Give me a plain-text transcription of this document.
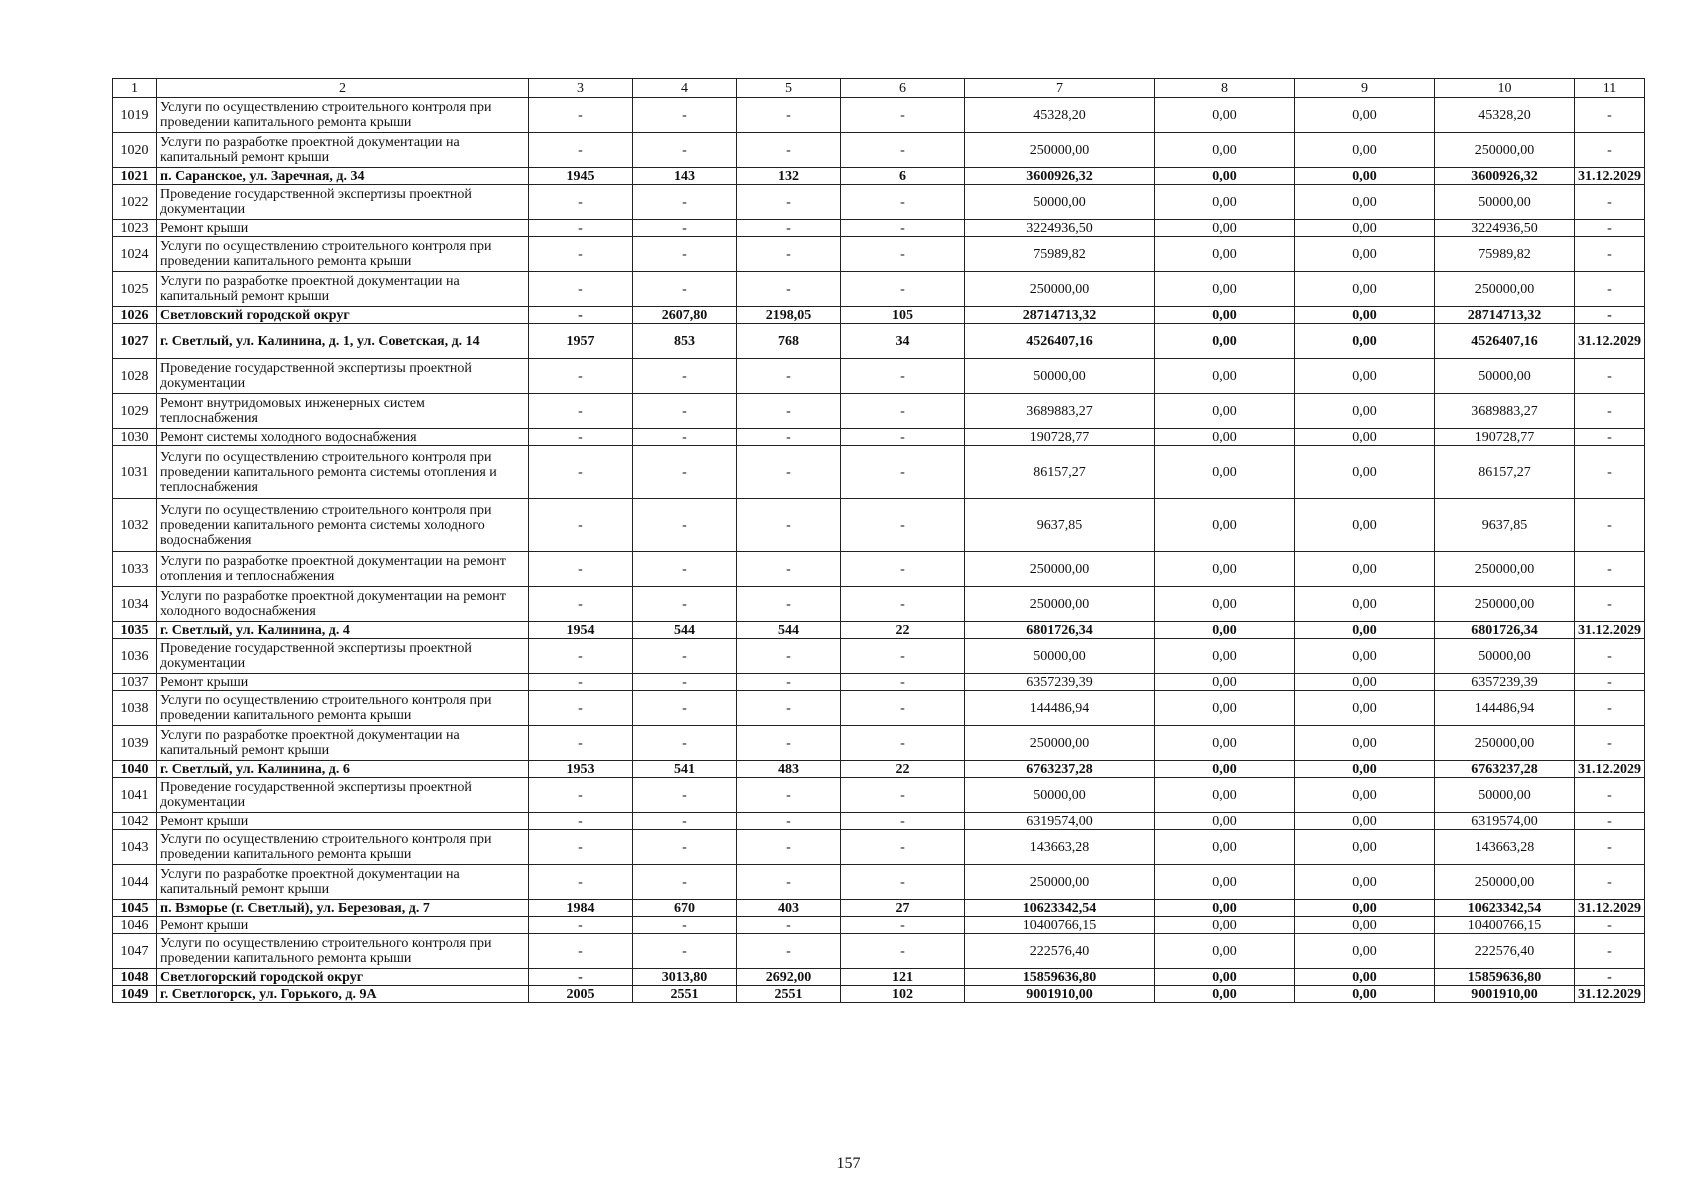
1	2	3	4	5	6	7	8	9	10	11
1019	Услуги по осуществлению строительного контроля при проведении капитального ремонта крыши	-	-	-	-	45328,20	0,00	0,00	45328,20	-
1020	Услуги по разработке проектной документации на капитальный ремонт крыши	-	-	-	-	250000,00	0,00	0,00	250000,00	-
1021	п. Саранское, ул. Заречная, д. 34	1945	143	132	6	3600926,32	0,00	0,00	3600926,32	31.12.2029
1022	Проведение государственной экспертизы проектной документации	-	-	-	-	50000,00	0,00	0,00	50000,00	-
1023	Ремонт крыши	-	-	-	-	3224936,50	0,00	0,00	3224936,50	-
1024	Услуги по осуществлению строительного контроля при проведении капитального ремонта крыши	-	-	-	-	75989,82	0,00	0,00	75989,82	-
1025	Услуги по разработке проектной документации на капитальный ремонт крыши	-	-	-	-	250000,00	0,00	0,00	250000,00	-
1026	Светловский городской округ	-	2607,80	2198,05	105	28714713,32	0,00	0,00	28714713,32	-
1027	г. Светлый, ул. Калинина, д. 1, ул. Советская, д. 14	1957	853	768	34	4526407,16	0,00	0,00	4526407,16	31.12.2029
1028	Проведение государственной экспертизы проектной документации	-	-	-	-	50000,00	0,00	0,00	50000,00	-
1029	Ремонт внутридомовых инженерных систем теплоснабжения	-	-	-	-	3689883,27	0,00	0,00	3689883,27	-
1030	Ремонт системы холодного водоснабжения	-	-	-	-	190728,77	0,00	0,00	190728,77	-
1031	Услуги по осуществлению строительного контроля при проведении капитального ремонта системы отопления и теплоснабжения	-	-	-	-	86157,27	0,00	0,00	86157,27	-
1032	Услуги по осуществлению строительного контроля при проведении капитального ремонта системы холодного водоснабжения	-	-	-	-	9637,85	0,00	0,00	9637,85	-
1033	Услуги по разработке проектной документации на ремонт отопления и теплоснабжения	-	-	-	-	250000,00	0,00	0,00	250000,00	-
1034	Услуги по разработке проектной документации на ремонт холодного водоснабжения	-	-	-	-	250000,00	0,00	0,00	250000,00	-
1035	г. Светлый, ул. Калинина, д. 4	1954	544	544	22	6801726,34	0,00	0,00	6801726,34	31.12.2029
1036	Проведение государственной экспертизы проектной документации	-	-	-	-	50000,00	0,00	0,00	50000,00	-
1037	Ремонт крыши	-	-	-	-	6357239,39	0,00	0,00	6357239,39	-
1038	Услуги по осуществлению строительного контроля при проведении капитального ремонта крыши	-	-	-	-	144486,94	0,00	0,00	144486,94	-
1039	Услуги по разработке проектной документации на капитальный ремонт крыши	-	-	-	-	250000,00	0,00	0,00	250000,00	-
1040	г. Светлый, ул. Калинина, д. 6	1953	541	483	22	6763237,28	0,00	0,00	6763237,28	31.12.2029
1041	Проведение государственной экспертизы проектной документации	-	-	-	-	50000,00	0,00	0,00	50000,00	-
1042	Ремонт крыши	-	-	-	-	6319574,00	0,00	0,00	6319574,00	-
1043	Услуги по осуществлению строительного контроля при проведении капитального ремонта крыши	-	-	-	-	143663,28	0,00	0,00	143663,28	-
1044	Услуги по разработке проектной документации на капитальный ремонт крыши	-	-	-	-	250000,00	0,00	0,00	250000,00	-
1045	п. Взморье (г. Светлый), ул. Березовая, д. 7	1984	670	403	27	10623342,54	0,00	0,00	10623342,54	31.12.2029
1046	Ремонт крыши	-	-	-	-	10400766,15	0,00	0,00	10400766,15	-
1047	Услуги по осуществлению строительного контроля при проведении капитального ремонта крыши	-	-	-	-	222576,40	0,00	0,00	222576,40	-
1048	Светлогорский городской округ	-	3013,80	2692,00	121	15859636,80	0,00	0,00	15859636,80	-
1049	г. Светлогорск, ул. Горького, д. 9А	2005	2551	2551	102	9001910,00	0,00	0,00	9001910,00	31.12.2029
157
